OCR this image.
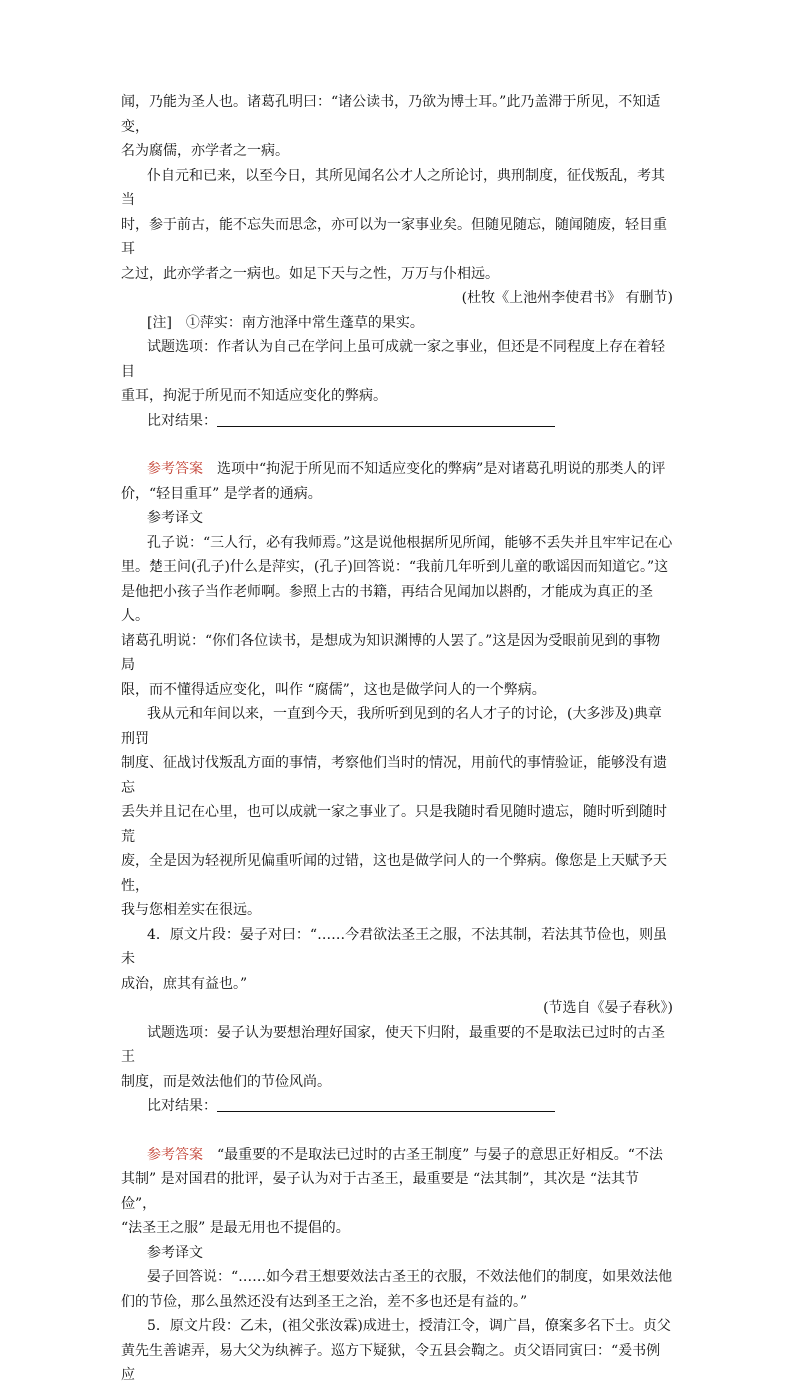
闻，乃能为圣人也。诸葛孔明曰：“诸公读书，乃欲为博士耳。”此乃盖滞于所见，不知适变，

名为腐儒，亦学者之一病。

仆自元和已来，以至今日，其所见闻名公才人之所论讨，典刑制度，征伐叛乱，考其当

时，参于前古，能不忘失而思念，亦可以为一家事业矣。但随见随忘，随闻随废，轻目重耳

之过，此亦学者之一病也。如足下天与之性，万万与仆相远。

(杜牧《上池州李使君书》 有删节)

[注]　①萍实：南方池泽中常生蓬草的果实。

试题选项：作者认为自己在学问上虽可成就一家之事业，但还是不同程度上存在着轻目

重耳，拘泥于所见而不知适应变化的弊病。

比对结果：

参考答案　选项中“拘泥于所见而不知适应变化的弊病”是对诸葛孔明说的那类人的评

价，“轻目重耳” 是学者的通病。

参考译文

孔子说：“三人行，必有我师焉。”这是说他根据所见所闻，能够不丢失并且牢牢记在心

里。楚王问(孔子)什么是萍实，(孔子)回答说：“我前几年听到儿童的歌谣因而知道它。”这

是他把小孩子当作老师啊。参照上古的书籍，再结合见闻加以斟酌，才能成为真正的圣人。

诸葛孔明说：“你们各位读书，是想成为知识渊博的人罢了。”这是因为受眼前见到的事物局

限，而不懂得适应变化，叫作 “腐儒”，这也是做学问人的一个弊病。

我从元和年间以来，一直到今天，我所听到见到的名人才子的讨论，(大多涉及)典章刑罚

制度、征战讨伐叛乱方面的事情，考察他们当时的情况，用前代的事情验证，能够没有遗忘

丢失并且记在心里，也可以成就一家之事业了。只是我随时看见随时遗忘，随时听到随时荒

废，全是因为轻视所见偏重听闻的过错，这也是做学问人的一个弊病。像您是上天赋予天性，

我与您相差实在很远。

4．原文片段：晏子对曰：“……今君欲法圣王之服，不法其制，若法其节俭也，则虽未

成治，庶其有益也。”

(节选自《晏子春秋》)

试题选项：晏子认为要想治理好国家，使天下归附，最重要的不是取法已过时的古圣王

制度，而是效法他们的节俭风尚。

比对结果：

参考答案　“最重要的不是取法已过时的古圣王制度” 与晏子的意思正好相反。“不法

其制” 是对国君的批评，晏子认为对于古圣王，最重要是 “法其制”，其次是 “法其节俭”，

“法圣王之服” 是最无用也不提倡的。

参考译文

晏子回答说：“……如今君王想要效法古圣王的衣服，不效法他们的制度，如果效法他

们的节俭，那么虽然还没有达到圣王之治，差不多也还是有益的。”

5．原文片段：乙未，(祖父张汝霖)成进士，授清江令，调广昌，僚案多名下士。贞父

黄先生善谑弄，易大父为纨裤子。巡方下疑狱，令五县会鞫之。贞父语同寅曰：“爰书例应
